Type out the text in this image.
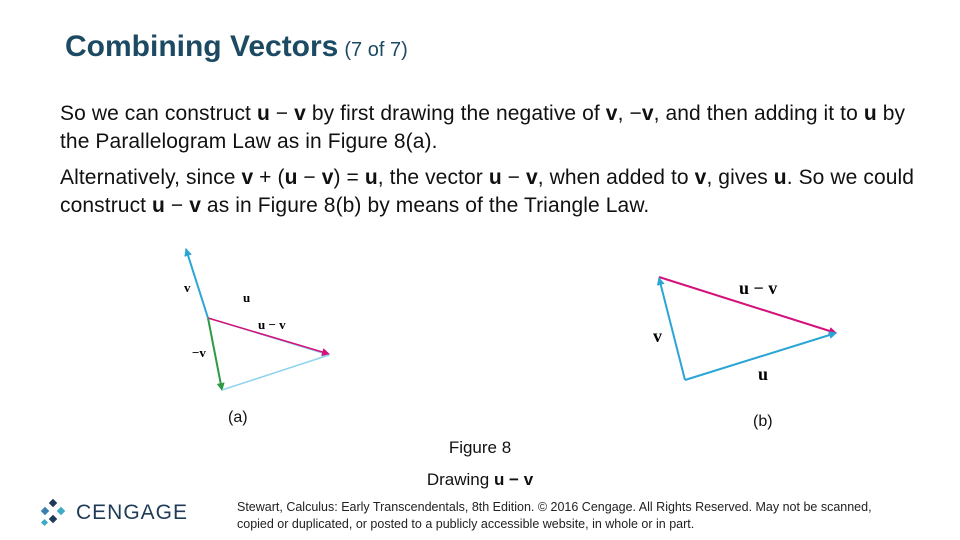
Combining Vectors (7 of 7)
So we can construct u − v by first drawing the negative of v, −v, and then adding it to u by the Parallelogram Law as in Figure 8(a).
Alternatively, since v + (u − v) = u, the vector u − v, when added to v, gives u. So we could construct u − v as in Figure 8(b) by means of the Triangle Law.
v
u
u − v
−v
u − v
v
u
(a)	(b)
Figure 8
Drawing u − v
CENGAGE	Stewart, Calculus: Early Transcendentals, 8th Edition. © 2016 Cengage. All Rights Reserved. May not be scanned, copied or duplicated, or posted to a publicly accessible website, in whole or in part.
